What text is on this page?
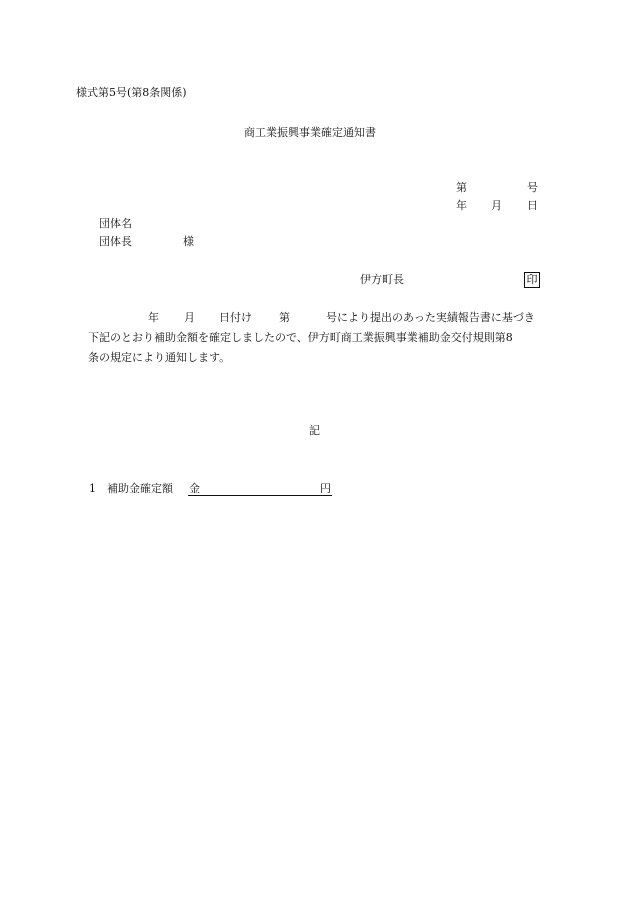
様式第5号(第8条関係)
商工業振興事業確定通知書
第	号
年 月 日
団体名
団体長	様
伊方町長	印
年 月 日付け 第	号により提出のあった実績報告書に基づき
下記のとおり補助金額を確定しましたので、伊方町商工業振興事業補助金交付規則第8
条の規定により通知します。
記
1 補助金確定額 金	円
